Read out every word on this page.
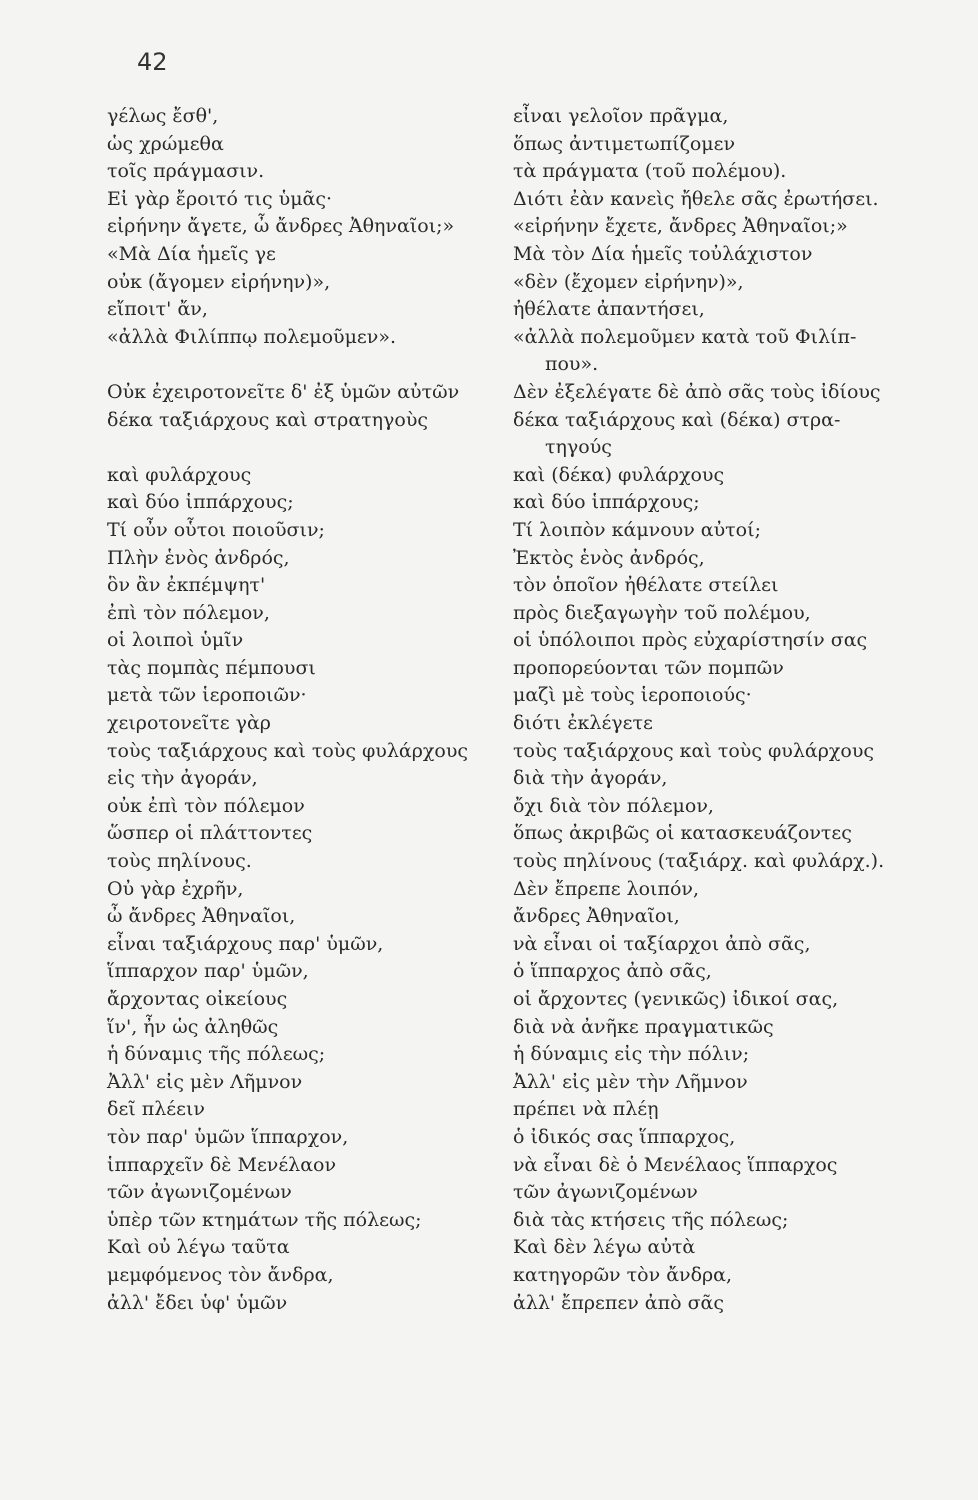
42
γέλως ἔσθ',
ὡς χρώμεθα
τοῖς πράγμασιν.
Εἰ γὰρ ἔροιτό τις ὑμᾶς·
εἰρήνην ἄγετε, ὦ ἄνδρες Ἀθηναῖοι;»
«Μὰ Δία ἡμεῖς γε
οὐκ (ἄγομεν εἰρήνην)»,
εἴποιτ' ἄν,
«ἀλλὰ Φιλίππῳ πολεμοῦμεν».
Οὐκ ἐχειροτονεῖτε δ' ἐξ ὑμῶν αὐτῶν
δέκα ταξιάρχους καὶ στρατηγοὺς
καὶ φυλάρχους
καὶ δύο ἱππάρχους;
Τί οὖν οὗτοι ποιοῦσιν;
Πλὴν ἑνὸς ἀνδρός,
ὃν ἂν ἐκπέμψητ'
ἐπὶ τὸν πόλεμον,
οἱ λοιποὶ ὑμῖν
τὰς πομπὰς πέμπουσι
μετὰ τῶν ἱεροποιῶν·
χειροτονεῖτε γὰρ
τοὺς ταξιάρχους καὶ τοὺς φυλάρχους
εἰς τὴν ἀγοράν,
οὐκ ἐπὶ τὸν πόλεμον
ὥσπερ οἱ πλάττοντες
τοὺς πηλίνους.
Οὐ γὰρ ἐχρῆν,
ὦ ἄνδρες Ἀθηναῖοι,
εἶναι ταξιάρχους παρ' ὑμῶν,
ἵππαρχον παρ' ὑμῶν,
ἄρχοντας οἰκείους
ἵν', ἦν ὡς ἀληθῶς
ἡ δύναμις τῆς πόλεως;
Ἀλλ' εἰς μὲν Λῆμνον
δεῖ πλέειν
τὸν παρ' ὑμῶν ἵππαρχον,
ἱππαρχεῖν δὲ Μενέλαον
τῶν ἀγωνιζομένων
ὑπὲρ τῶν κτημάτων τῆς πόλεως;
Καὶ οὐ λέγω ταῦτα
μεμφόμενος τὸν ἄνδρα,
ἀλλ' ἔδει ὑφ' ὑμῶν
εἶναι γελοῖον πρᾶγμα,
ὅπως ἀντιμετωπίζομεν
τὰ πράγματα (τοῦ πολέμου).
Διότι ἐὰν κανεὶς ἤθελε σᾶς ἐρωτήσει.
«εἰρήνην ἔχετε, ἄνδρες Ἀθηναῖοι;»
Μὰ τὸν Δία ἡμεῖς τοὐλάχιστον
«δὲν (ἔχομεν εἰρήνην)»,
ἠθέλατε ἀπαντήσει,
«ἀλλὰ πολεμοῦμεν κατὰ τοῦ Φιλίπ-
που».
Δὲν ἐξελέγατε δὲ ἀπὸ σᾶς τοὺς ἰδίους
δέκα ταξιάρχους καὶ (δέκα) στρα-
τηγούς
καὶ (δέκα) φυλάρχους
καὶ δύο ἱππάρχους;
Τί λοιπὸν κάμνουν αὐτοί;
Ἐκτὸς ἑνὸς ἀνδρός,
τὸν ὁποῖον ἠθέλατε στείλει
πρὸς διεξαγωγὴν τοῦ πολέμου,
οἱ ὑπόλοιποι πρὸς εὐχαρίστησίν σας
προπορεύονται τῶν πομπῶν
μαζὶ μὲ τοὺς ἱεροποιούς·
διότι ἐκλέγετε
τοὺς ταξιάρχους καὶ τοὺς φυλάρχους
διὰ τὴν ἀγοράν,
ὄχι διὰ τὸν πόλεμον,
ὅπως ἀκριβῶς οἱ κατασκευάζοντες
τοὺς πηλίνους (ταξιάρχ. καὶ φυλάρχ.).
Δὲν ἔπρεπε λοιπόν,
ἄνδρες Ἀθηναῖοι,
νὰ εἶναι οἱ ταξίαρχοι ἀπὸ σᾶς,
ὁ ἵππαρχος ἀπὸ σᾶς,
οἱ ἄρχοντες (γενικῶς) ἰδικοί σας,
διὰ νὰ ἀνῆκε πραγματικῶς
ἡ δύναμις εἰς τὴν πόλιν;
Ἀλλ' εἰς μὲν τὴν Λῆμνον
πρέπει νὰ πλέῃ
ὁ ἰδικός σας ἵππαρχος,
νὰ εἶναι δὲ ὁ Μενέλαος ἵππαρχος
τῶν ἀγωνιζομένων
διὰ τὰς κτήσεις τῆς πόλεως;
Καὶ δὲν λέγω αὐτὰ
κατηγορῶν τὸν ἄνδρα,
ἀλλ' ἔπρεπεν ἀπὸ σᾶς
